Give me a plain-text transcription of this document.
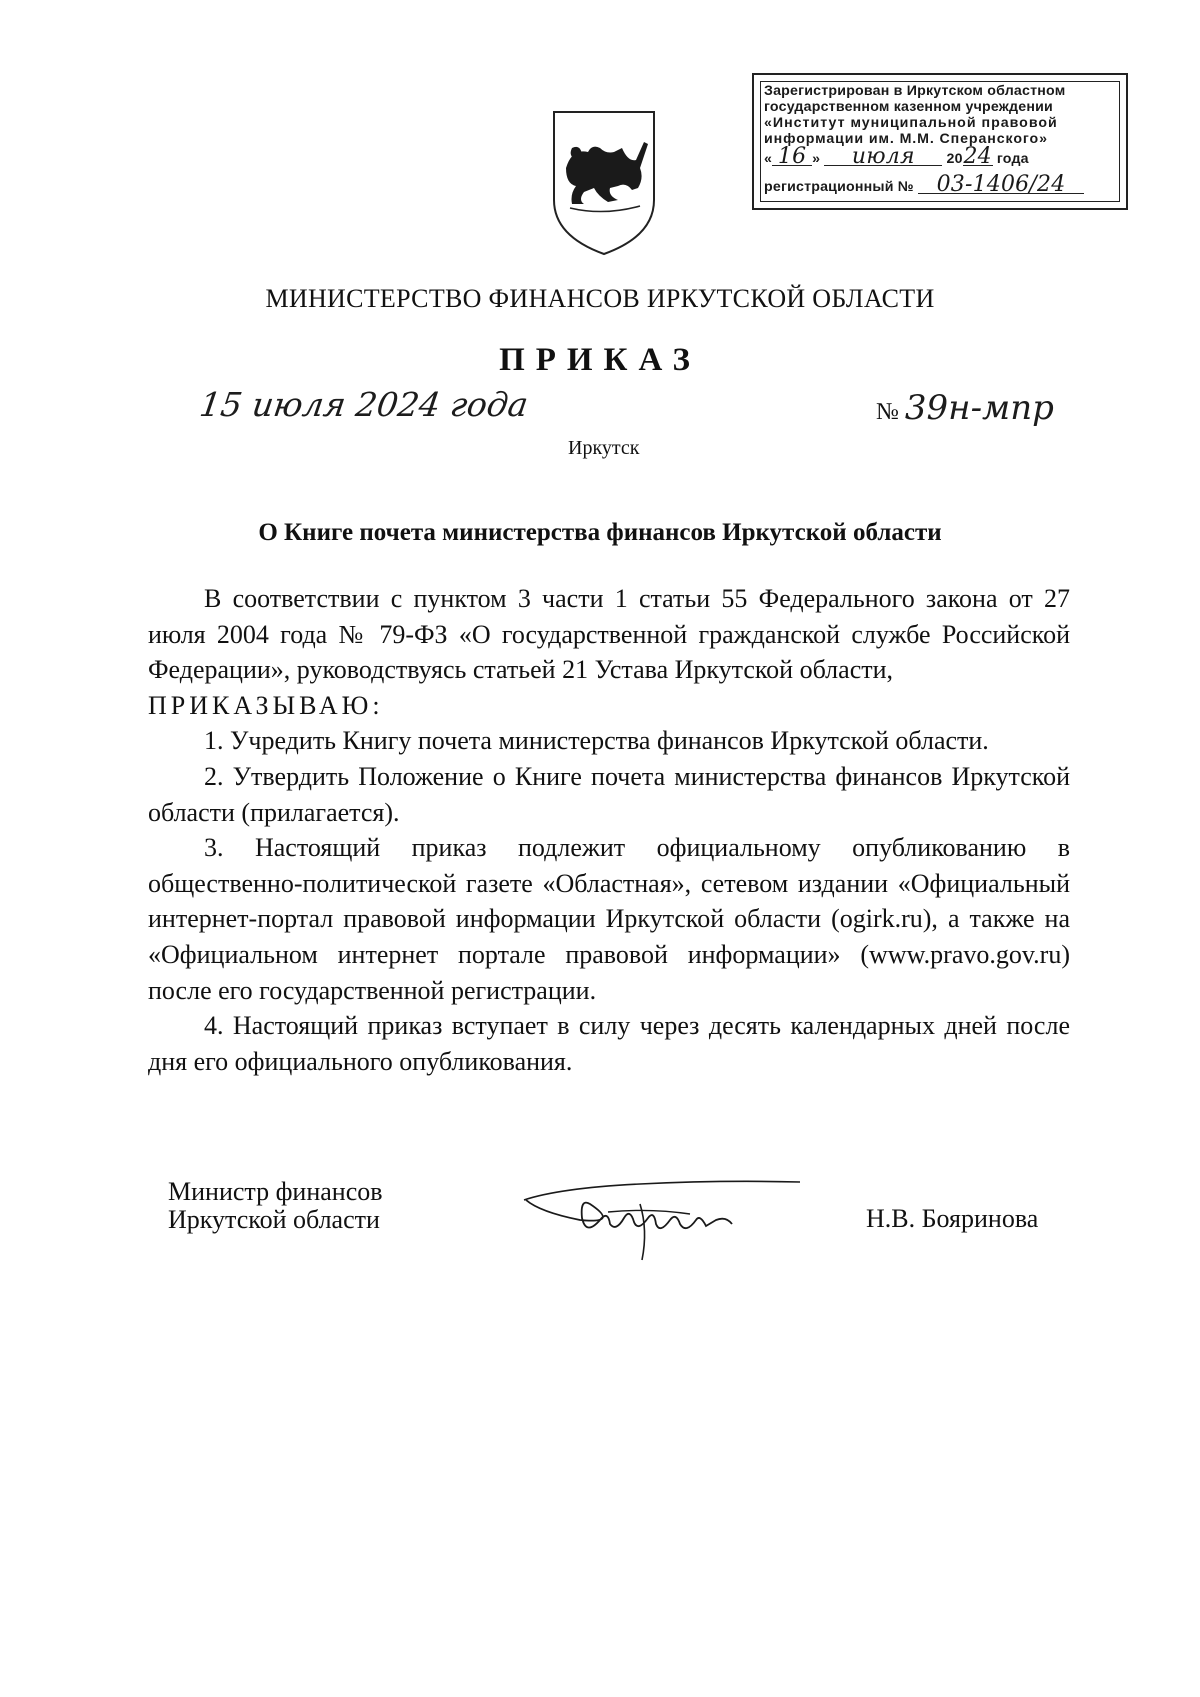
Зарегистрирован в Иркутском областном
государственном казенном учреждении
«Институт муниципальной правовой
информации им. М.М. Сперанского»
« 16 » июля 2024 года
регистрационный № 03-1406/24
МИНИСТЕРСТВО ФИНАНСОВ ИРКУТСКОЙ ОБЛАСТИ
ПРИКАЗ
15 июля 2024 года	№ 39н-мпр
Иркутск
О Книге почета министерства финансов Иркутской области

В соответствии с пунктом 3 части 1 статьи 55 Федерального закона от 27 июля 2004 года № 79-ФЗ «О государственной гражданской службе Российской Федерации», руководствуясь статьей 21 Устава Иркутской области,

ПРИКАЗЫВАЮ:

1. Учредить Книгу почета министерства финансов Иркутской области.

2. Утвердить Положение о Книге почета министерства финансов Иркутской области (прилагается).

3. Настоящий приказ подлежит официальному опубликованию в общественно-политической газете «Областная», сетевом издании «Официальный интернет-портал правовой информации Иркутской области (ogirk.ru), а также на «Официальном интернет портале правовой информации» (www.pravo.gov.ru) после его государственной регистрации.

4. Настоящий приказ вступает в силу через десять календарных дней после дня его официального опубликования.

Министр финансов
Иркутской области	Н.В. Бояринова
